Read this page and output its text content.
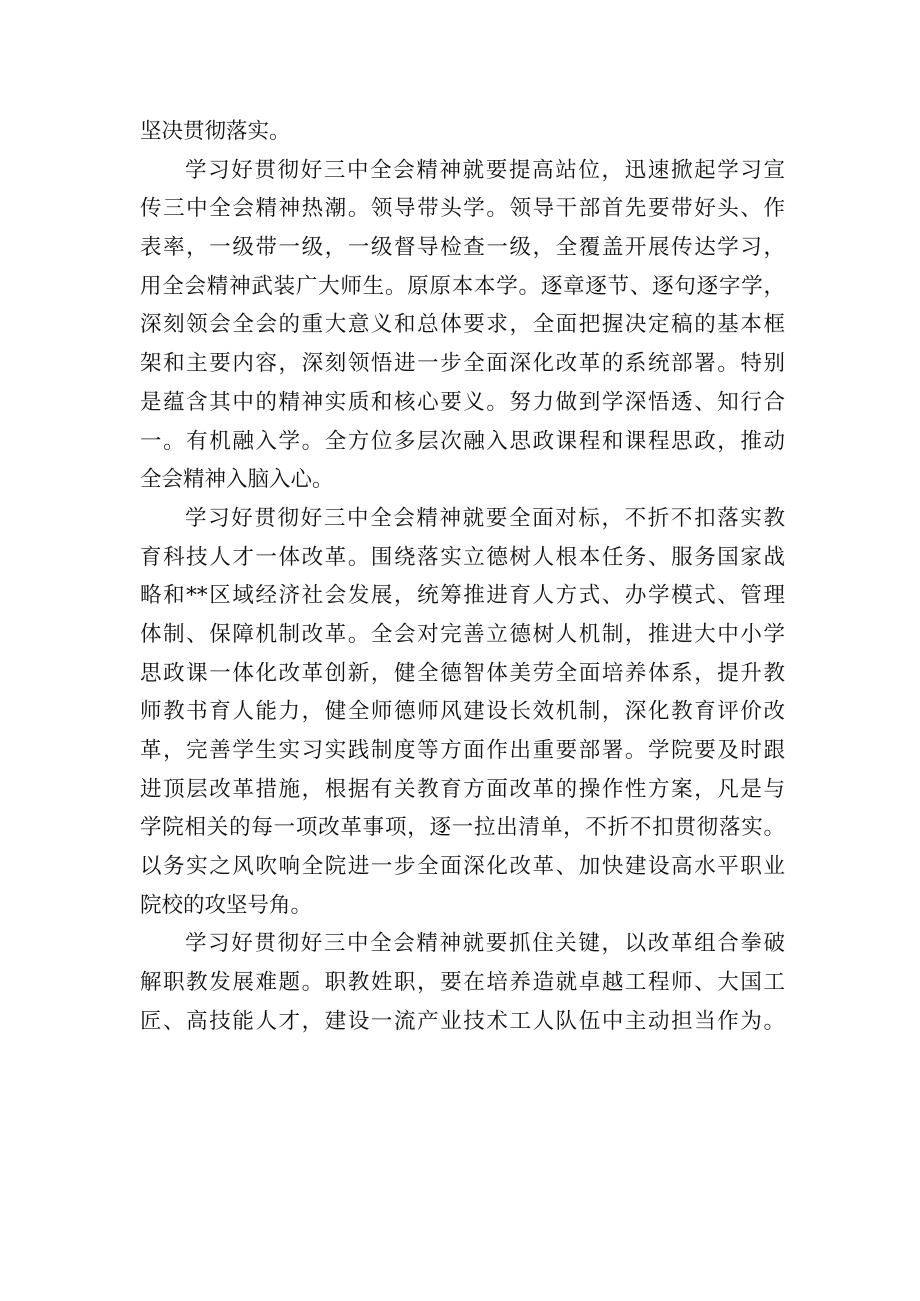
坚决贯彻落实。
学习好贯彻好三中全会精神就要提高站位，迅速掀起学习宣
传三中全会精神热潮。领导带头学。领导干部首先要带好头、作
表率，一级带一级，一级督导检查一级，全覆盖开展传达学习，
用全会精神武装广大师生。原原本本学。逐章逐节、逐句逐字学，
深刻领会全会的重大意义和总体要求，全面把握决定稿的基本框
架和主要内容，深刻领悟进一步全面深化改革的系统部署。特别
是蕴含其中的精神实质和核心要义。努力做到学深悟透、知行合
一。有机融入学。全方位多层次融入思政课程和课程思政，推动
全会精神入脑入心。
学习好贯彻好三中全会精神就要全面对标，不折不扣落实教
育科技人才一体改革。围绕落实立德树人根本任务、服务国家战
略和**区域经济社会发展，统筹推进育人方式、办学模式、管理
体制、保障机制改革。全会对完善立德树人机制，推进大中小学
思政课一体化改革创新，健全德智体美劳全面培养体系，提升教
师教书育人能力，健全师德师风建设长效机制，深化教育评价改
革，完善学生实习实践制度等方面作出重要部署。学院要及时跟
进顶层改革措施，根据有关教育方面改革的操作性方案，凡是与
学院相关的每一项改革事项，逐一拉出清单，不折不扣贯彻落实。
以务实之风吹响全院进一步全面深化改革、加快建设高水平职业
院校的攻坚号角。
学习好贯彻好三中全会精神就要抓住关键，以改革组合拳破
解职教发展难题。职教姓职，要在培养造就卓越工程师、大国工
匠、高技能人才，建设一流产业技术工人队伍中主动担当作为。
